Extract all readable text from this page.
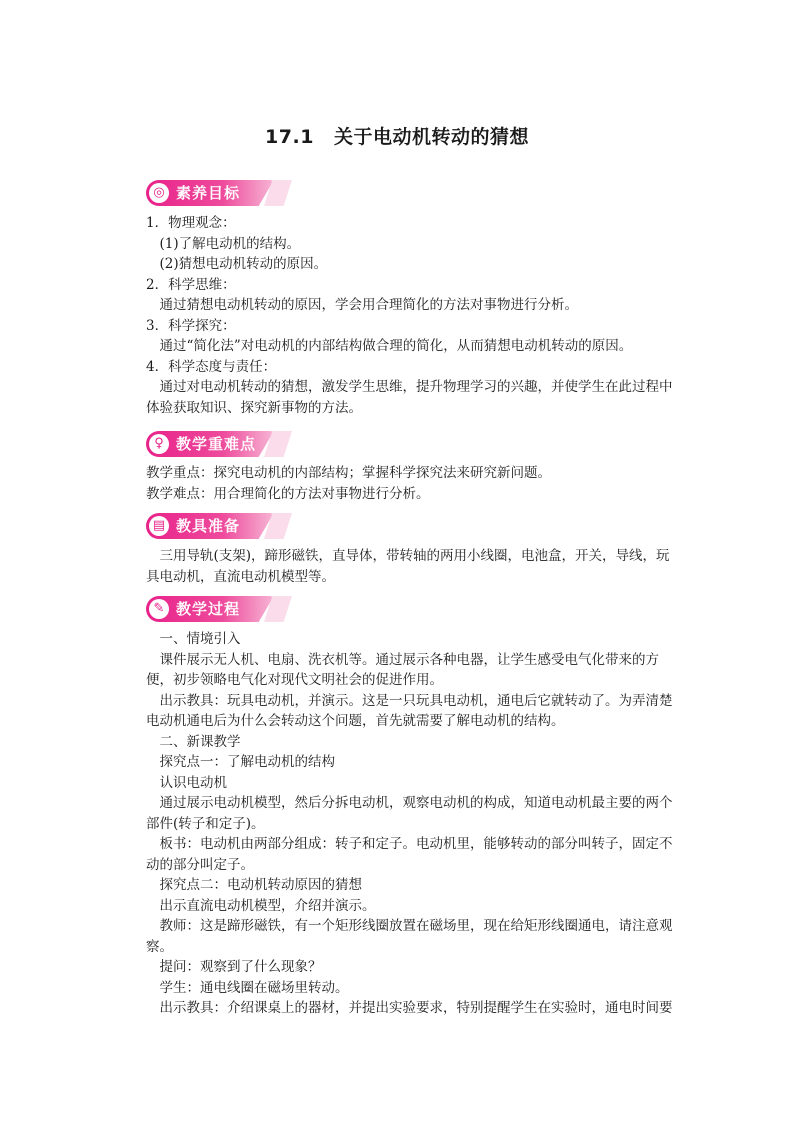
17.1 关于电动机转动的猜想
◎ 素养目标

1．物理观念：

(1)了解电动机的结构。

(2)猜想电动机转动的原因。

2．科学思维：

通过猜想电动机转动的原因，学会用合理简化的方法对事物进行分析。

3．科学探究：

通过“简化法”对电动机的内部结构做合理的简化，从而猜想电动机转动的原因。

4．科学态度与责任：

通过对电动机转动的猜想，激发学生思维，提升物理学习的兴趣，并使学生在此过程中体验获取知识、探究新事物的方法。

♀ 教学重难点

教学重点：探究电动机的内部结构；掌握科学探究法来研究新问题。

教学难点：用合理简化的方法对事物进行分析。

▤ 教具准备

三用导轨(支架)，蹄形磁铁，直导体，带转轴的两用小线圈，电池盒，开关，导线，玩具电动机，直流电动机模型等。

✎ 教学过程

一、情境引入

课件展示无人机、电扇、洗衣机等。通过展示各种电器，让学生感受电气化带来的方便，初步领略电气化对现代文明社会的促进作用。

出示教具：玩具电动机，并演示。这是一只玩具电动机，通电后它就转动了。为弄清楚电动机通电后为什么会转动这个问题，首先就需要了解电动机的结构。

二、新课教学

探究点一：了解电动机的结构

认识电动机

通过展示电动机模型，然后分拆电动机，观察电动机的构成，知道电动机最主要的两个部件(转子和定子)。

板书：电动机由两部分组成：转子和定子。电动机里，能够转动的部分叫转子，固定不动的部分叫定子。

探究点二：电动机转动原因的猜想

出示直流电动机模型，介绍并演示。

教师：这是蹄形磁铁，有一个矩形线圈放置在磁场里，现在给矩形线圈通电，请注意观察。

提问：观察到了什么现象？

学生：通电线圈在磁场里转动。

出示教具：介绍课桌上的器材，并提出实验要求，特别提醒学生在实验时，通电时间要
